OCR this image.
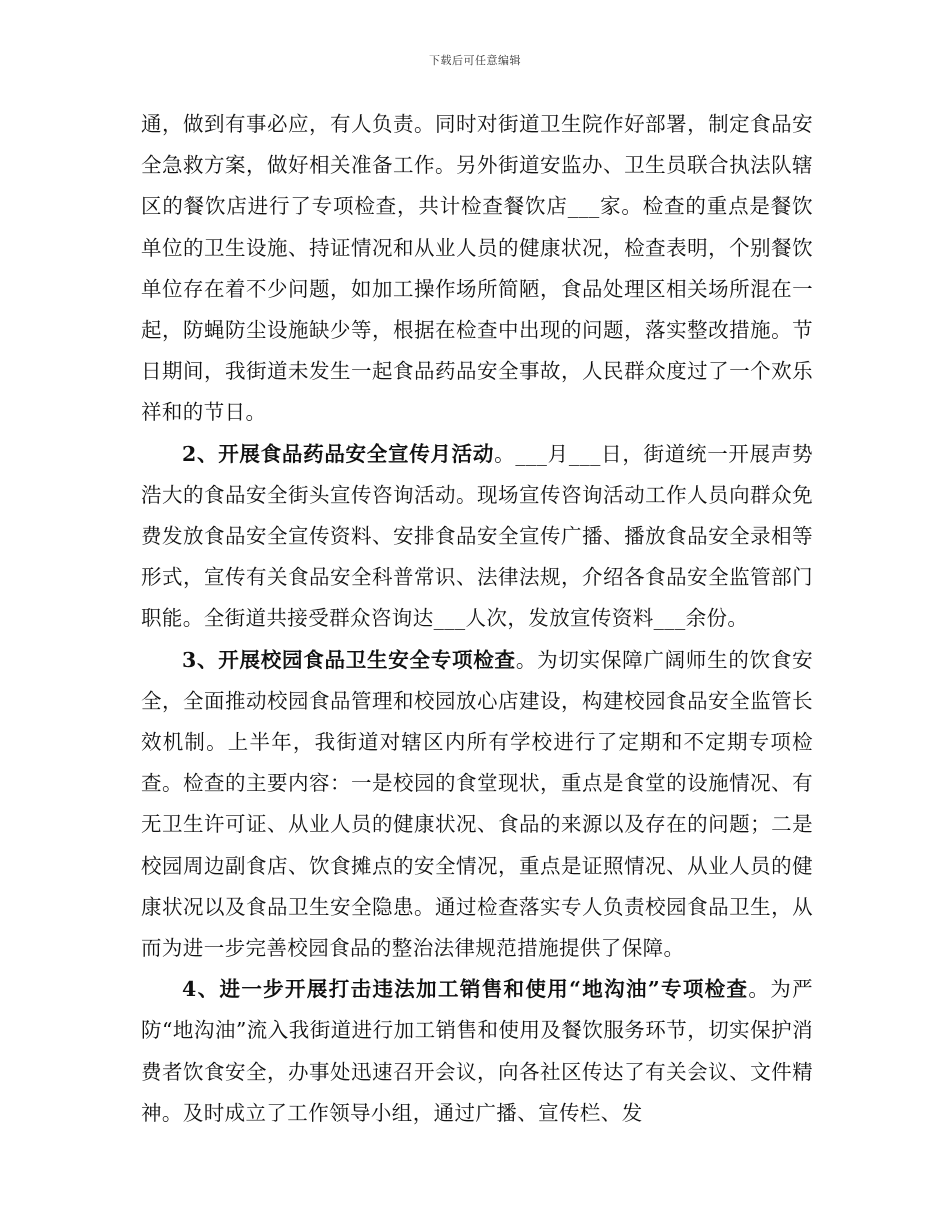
下载后可任意编辑

通，做到有事必应，有人负责。同时对街道卫生院作好部署，制定食品安全急救方案，做好相关准备工作。另外街道安监办、卫生员联合执法队辖区的餐饮店进行了专项检查，共计检查餐饮店___家。检查的重点是餐饮单位的卫生设施、持证情况和从业人员的健康状况，检查表明，个别餐饮单位存在着不少问题，如加工操作场所简陋，食品处理区相关场所混在一起，防蝇防尘设施缺少等，根据在检查中出现的问题，落实整改措施。节日期间，我街道未发生一起食品药品安全事故，人民群众度过了一个欢乐祥和的节日。

2、开展食品药品安全宣传月活动。___月___日，街道统一开展声势浩大的食品安全街头宣传咨询活动。现场宣传咨询活动工作人员向群众免费发放食品安全宣传资料、安排食品安全宣传广播、播放食品安全录相等形式，宣传有关食品安全科普常识、法律法规，介绍各食品安全监管部门职能。全街道共接受群众咨询达___人次，发放宣传资料___余份。

3、开展校园食品卫生安全专项检查。为切实保障广阔师生的饮食安全，全面推动校园食品管理和校园放心店建设，构建校园食品安全监管长效机制。上半年，我街道对辖区内所有学校进行了定期和不定期专项检查。检查的主要内容：一是校园的食堂现状，重点是食堂的设施情况、有无卫生许可证、从业人员的健康状况、食品的来源以及存在的问题；二是校园周边副食店、饮食摊点的安全情况，重点是证照情况、从业人员的健康状况以及食品卫生安全隐患。通过检查落实专人负责校园食品卫生，从而为进一步完善校园食品的整治法律规范措施提供了保障。

4、进一步开展打击违法加工销售和使用“地沟油”专项检查。为严防“地沟油”流入我街道进行加工销售和使用及餐饮服务环节，切实保护消费者饮食安全，办事处迅速召开会议，向各社区传达了有关会议、文件精神。及时成立了工作领导小组，通过广播、宣传栏、发
